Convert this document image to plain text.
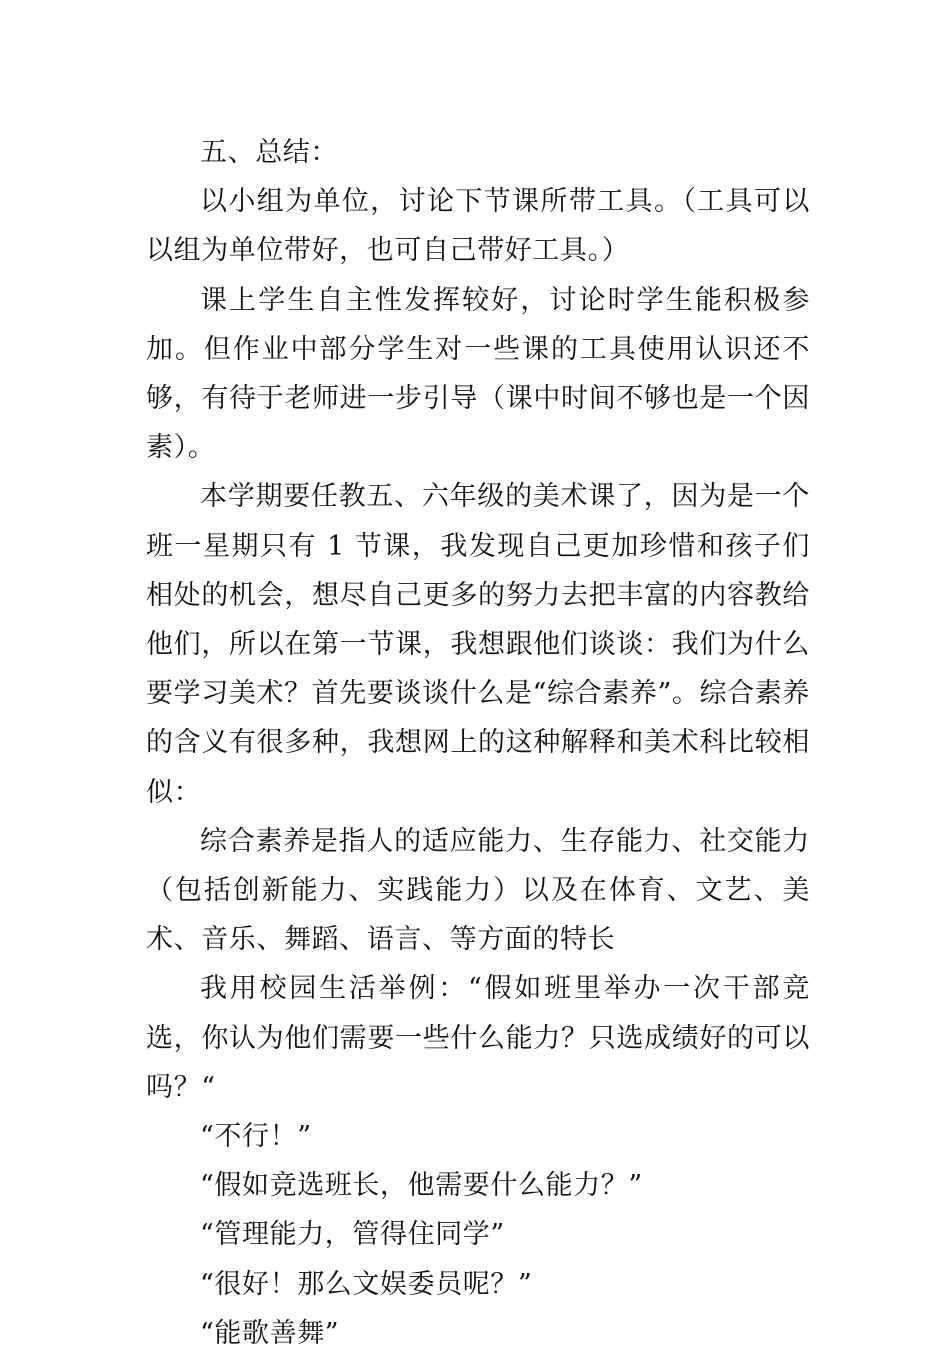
五、总结：

以小组为单位，讨论下节课所带工具。（工具可以以组为单位带好，也可自己带好工具。）

课上学生自主性发挥较好，讨论时学生能积极参加。但作业中部分学生对一些课的工具使用认识还不够，有待于老师进一步引导（课中时间不够也是一个因素）。

本学期要任教五、六年级的美术课了，因为是一个班一星期只有 1 节课，我发现自己更加珍惜和孩子们相处的机会，想尽自己更多的努力去把丰富的内容教给他们，所以在第一节课，我想跟他们谈谈：我们为什么要学习美术？首先要谈谈什么是“综合素养”。综合素养的含义有很多种，我想网上的这种解释和美术科比较相似：

综合素养是指人的适应能力、生存能力、社交能力（包括创新能力、实践能力）以及在体育、文艺、美术、音乐、舞蹈、语言、等方面的特长

我用校园生活举例：“假如班里举办一次干部竞选，你认为他们需要一些什么能力？只选成绩好的可以吗？“

“不行！”

“假如竞选班长，他需要什么能力？”

“管理能力，管得住同学”

“很好！那么文娱委员呢？”

“能歌善舞”
